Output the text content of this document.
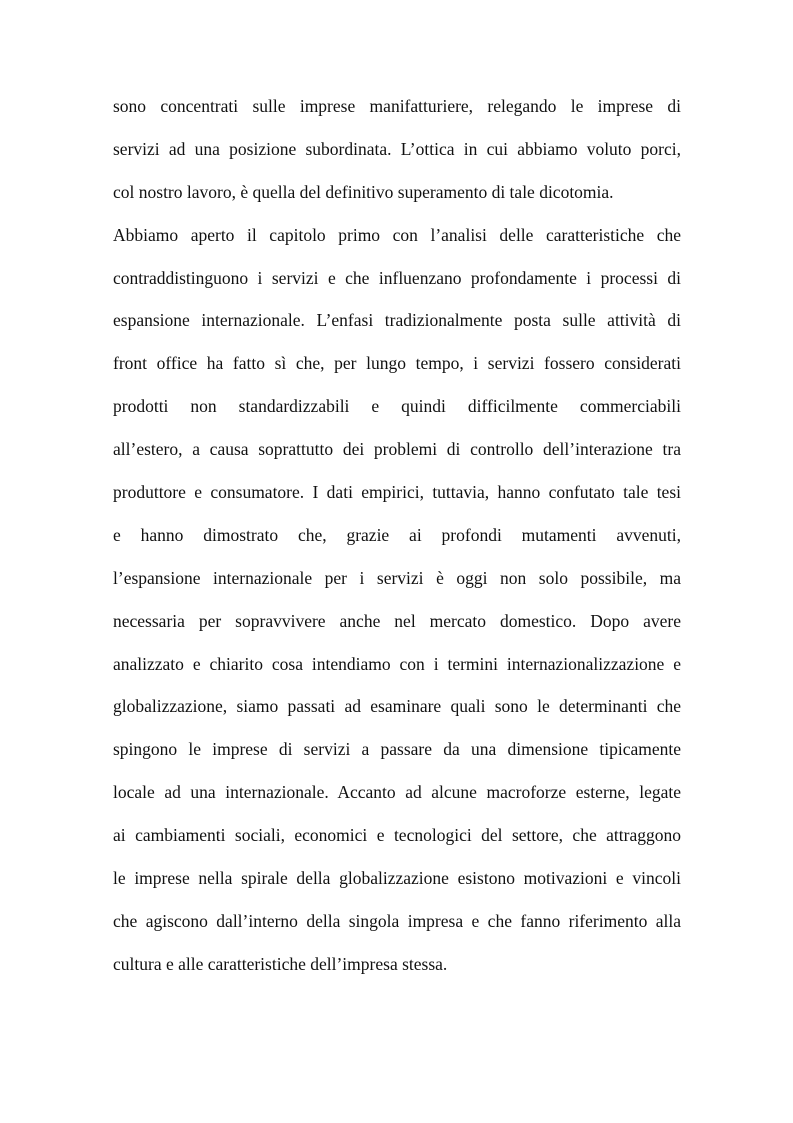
sono concentrati sulle imprese manifatturiere, relegando le imprese di
servizi ad una posizione subordinata. L’ottica in cui abbiamo voluto porci,
col nostro lavoro, è quella del definitivo superamento di tale dicotomia.
Abbiamo aperto il capitolo primo con l’analisi delle caratteristiche che
contraddistinguono i servizi e che influenzano profondamente i processi di
espansione internazionale. L’enfasi tradizionalmente posta sulle attività di
front office ha fatto sì che, per lungo tempo, i servizi fossero considerati
prodotti non standardizzabili e quindi difficilmente commerciabili
all’estero, a causa soprattutto dei problemi di controllo dell’interazione tra
produttore e consumatore. I dati empirici, tuttavia, hanno confutato tale tesi
e hanno dimostrato che, grazie ai profondi mutamenti avvenuti,
l’espansione internazionale per i servizi è oggi non solo possibile, ma
necessaria per sopravvivere anche nel mercato domestico. Dopo avere
analizzato e chiarito cosa intendiamo con i termini internazionalizzazione e
globalizzazione, siamo passati ad esaminare quali sono le determinanti che
spingono le imprese di servizi a passare da una dimensione tipicamente
locale ad una internazionale. Accanto ad alcune macroforze esterne, legate
ai cambiamenti sociali, economici e tecnologici del settore, che attraggono
le imprese nella spirale della globalizzazione esistono motivazioni e vincoli
che agiscono dall’interno della singola impresa e che fanno riferimento alla
cultura e alle caratteristiche dell’impresa stessa.
